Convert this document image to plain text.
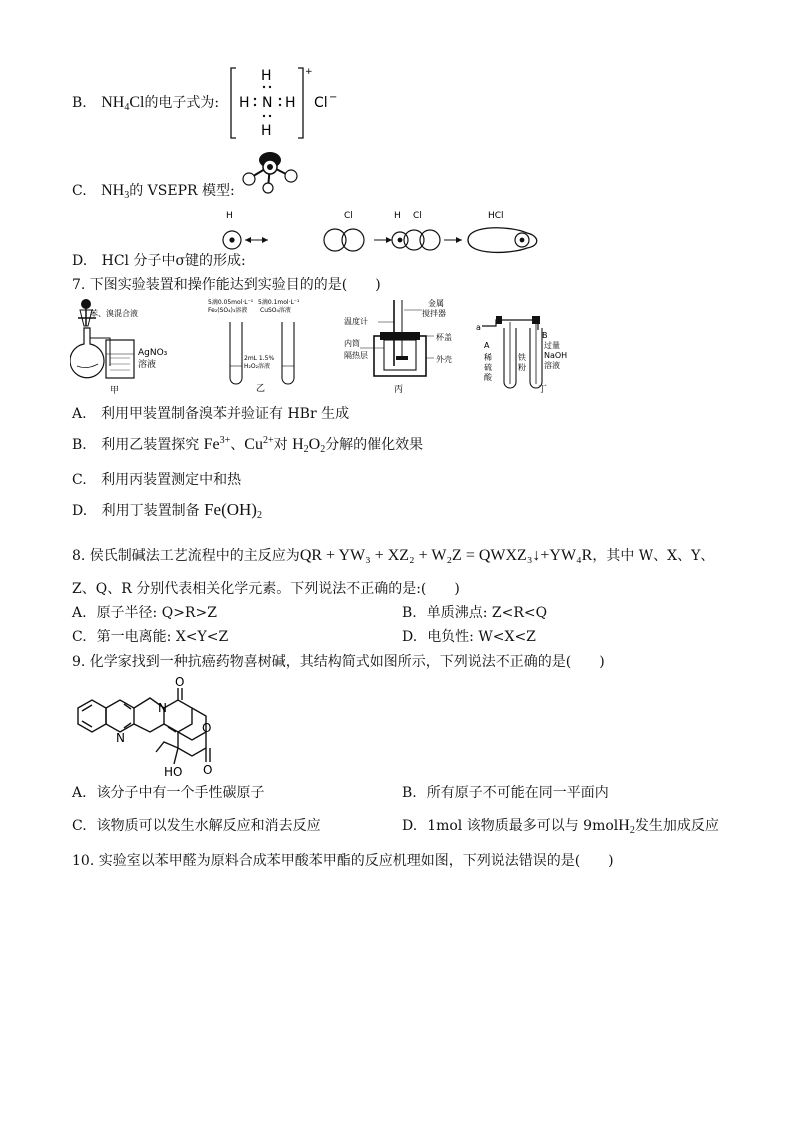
B. $NH_4Cl$的电子式为:
H
H N H
H
+
Cl −
C. $NH_3$的 VSEPR 模型:
H	Cl	H Cl	HCl
D. HCl 分子中σ键的形成:
7. 下图实验装置和操作能达到实验目的的是(　　)
苯、溴混合液
AgNO₃
溶液
甲
5滴0.05mol·L⁻¹
Fe₂(SO₄)₃溶液
5滴0.1mol·L⁻¹
CuSO₄溶液
2mL 1.5%
H₂O₂溶液
乙
温度计
金属
搅拌器
杯盖
内筒
隔热层	外壳
丙
a
A
B
稀
硫
酸
铁
粉
过量
NaOH
溶液
丁
A. 利用甲装置制备溴苯并验证有 HBr 生成
B. 利用乙装置探究 $Fe^{3+}$、$Cu^{2+}$对 $H_2O_2$分解的催化效果
C. 利用丙装置测定中和热
D. 利用丁装置制备 $Fe(OH)_2$
8. 侯氏制碱法工艺流程中的主反应为QR + YW₃ + XZ₂ + W₂Z = QWXZ₃↓+YW₄R，其中 W、X、Y、
Z、Q、R 分别代表相关化学元素。下列说法不正确的是:(　　)
A. 原子半径: Q>R>Z	B. 单质沸点: Z<R<Q
C. 第一电离能: X<Y<Z	D. 电负性: W<X<Z
9. 化学家找到一种抗癌药物喜树碱，其结构简式如图所示，下列说法不正确的是(　　)
N
N
O
O
O
HO
A. 该分子中有一个手性碳原子	B. 所有原子不可能在同一平面内
C. 该物质可以发生水解反应和消去反应	D. 1mol 该物质最多可以与 9molH$_2$发生加成反应
10. 实验室以苯甲醛为原料合成苯甲酸苯甲酯的反应机理如图，下列说法错误的是(　　)
